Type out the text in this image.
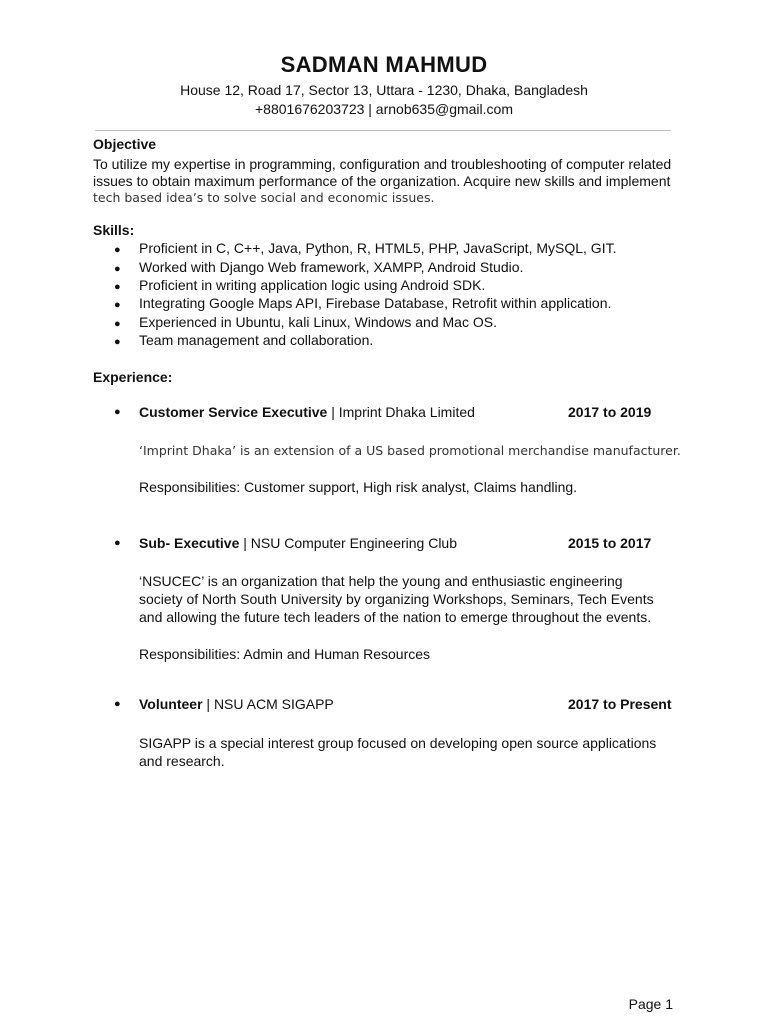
SADMAN MAHMUD
House 12, Road 17, Sector 13, Uttara - 1230, Dhaka, Bangladesh
+8801676203723 | arnob635@gmail.com
Objective
To utilize my expertise in programming, configuration and troubleshooting of computer related
issues to obtain maximum performance of the organization. Acquire new skills and implement
tech based idea’s to solve social and economic issues.
Skills:
● Proficient in C, C++, Java, Python, R, HTML5, PHP, JavaScript, MySQL, GIT.
● Worked with Django Web framework, XAMPP, Android Studio.
● Proficient in writing application logic using Android SDK.
● Integrating Google Maps API, Firebase Database, Retrofit within application.
● Experienced in Ubuntu, kali Linux, Windows and Mac OS.
● Team management and collaboration.
Experience:
● Customer Service Executive | Imprint Dhaka Limited	2017 to 2019
‘Imprint Dhaka’ is an extension of a US based promotional merchandise manufacturer.
Responsibilities: Customer support, High risk analyst, Claims handling.
● Sub- Executive | NSU Computer Engineering Club	2015 to 2017
‘NSUCEC’ is an organization that help the young and enthusiastic engineering
society of North South University by organizing Workshops, Seminars, Tech Events
and allowing the future tech leaders of the nation to emerge throughout the events.
Responsibilities: Admin and Human Resources
● Volunteer | NSU ACM SIGAPP	2017 to Present
SIGAPP is a special interest group focused on developing open source applications
and research.
Page 1
